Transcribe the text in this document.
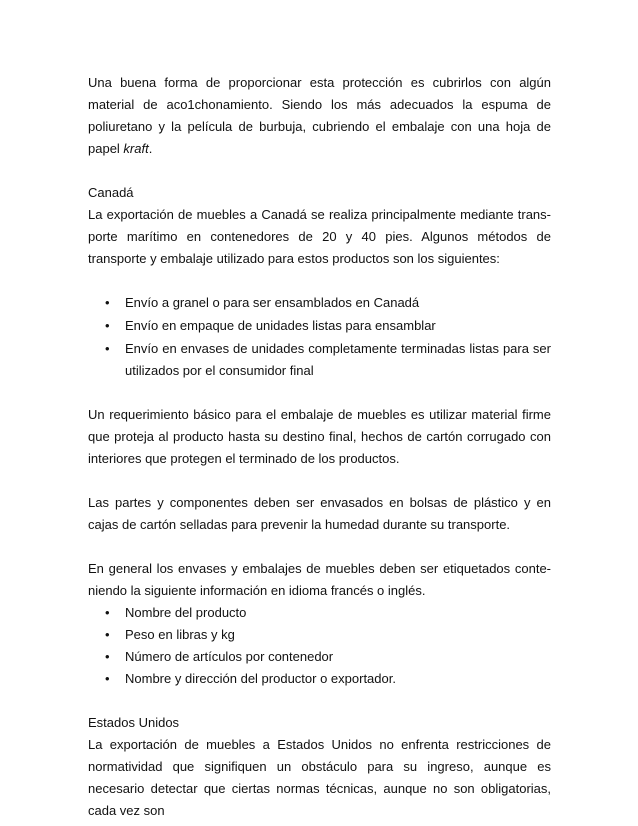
Una buena forma de proporcionar esta protección es cubrirlos con algún material de aco1chonamiento. Siendo los más adecuados la espuma de poliuretano y la película de burbuja, cubriendo el embalaje con una hoja de papel kraft.

Canadá

La exportación de muebles a Canadá se realiza principalmente mediante trans-porte marítimo en contenedores de 20 y 40 pies. Algunos métodos de transporte y embalaje utilizado para estos productos son los siguientes:

• Envío a granel o para ser ensamblados en Canadá
• Envío en empaque de unidades listas para ensamblar
• Envío en envases de unidades completamente terminadas listas para ser utilizados por el consumidor final

Un requerimiento básico para el embalaje de muebles es utilizar material firme que proteja al producto hasta su destino final, hechos de cartón corrugado con interiores que protegen el terminado de los productos.

Las partes y componentes deben ser envasados en bolsas de plástico y en cajas de cartón selladas para prevenir la humedad durante su transporte.

En general los envases y embalajes de muebles deben ser etiquetados conte-niendo la siguiente información en idioma francés o inglés.

• Nombre del producto
• Peso en libras y kg
• Número de artículos por contenedor
• Nombre y dirección del productor o exportador.

Estados Unidos

La exportación de muebles a Estados Unidos no enfrenta restricciones de normatividad que signifiquen un obstáculo para su ingreso, aunque es necesario detectar que ciertas normas técnicas, aunque no son obligatorias, cada vez son
